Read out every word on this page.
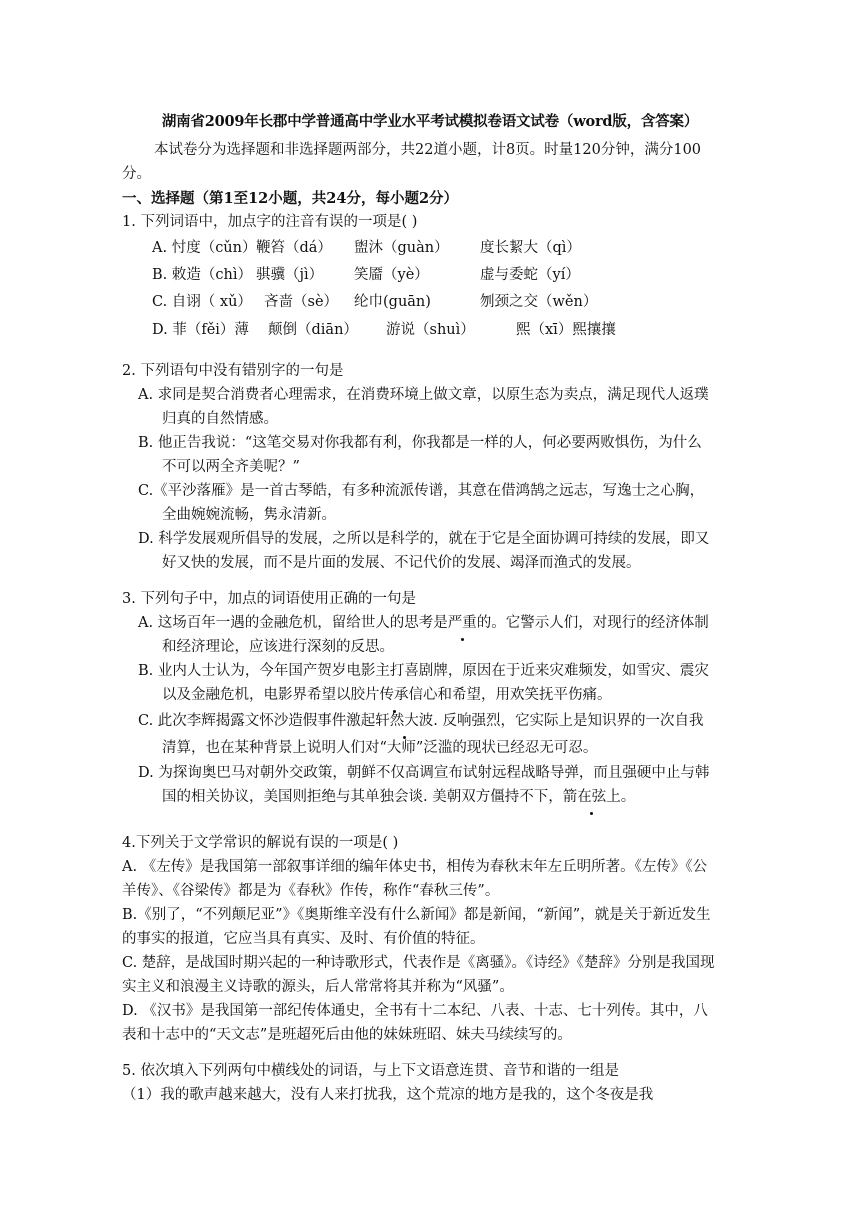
湖南省2009年长郡中学普通高中学业水平考试模拟卷语文试卷（word版，含答案）
本试卷分为选择题和非选择题两部分，共22道小题，计8页。时量120分钟，满分100
分。
一、选择题（第1至12小题，共24分，每小题2分）
1. 下列词语中，加点字的注音有误的一项是( )
A. 忖度（cǔn）鞭笞（dá） 盥沐（guàn） 度长絜大（qì）
B. 敕造（chì） 骐骥（jì） 笑靥（yè）	虚与委蛇（yí）
C. 自诩（ xǔ） 吝啬（sè） 纶巾(guān)	刎颈之交（wěn）
D. 菲（fěi）薄 颠倒（diān） 游说（shuì）	熙（xī）熙攘攘
2. 下列语句中没有错别字的一句是
A. 求同是契合消费者心理需求，在消费环境上做文章，以原生态为卖点，满足现代人返璞
归真的自然情感。
B. 他正告我说：“这笔交易对你我都有利，你我都是一样的人，何必要两败惧伤，为什么
不可以两全齐美呢？”
C.《平沙落雁》是一首古琴皓，有多种流派传谱，其意在借鸿鹄之远志，写逸士之心胸，
全曲婉婉流畅，隽永清新。
D. 科学发展观所倡导的发展，之所以是科学的，就在于它是全面协调可持续的发展，即又
好又快的发展，而不是片面的发展、不记代价的发展、竭泽而渔式的发展。
3. 下列句子中，加点的词语使用正确的一句是
A. 这场百年一遇的金融危机，留给世人的思考是严重的。它警示人们，对现行的经济体制
和经济理论，应该进行深刻的反思。
B. 业内人士认为，今年国产贺岁电影主打喜剧牌，原因在于近来灾难频发，如雪灾、震灾
以及金融危机，电影界希望以胶片传承信心和希望，用欢笑抚平伤痛。
C. 此次李辉揭露文怀沙造假事件激起轩然大波. 反响强烈，它实际上是知识界的一次自我
清算，也在某种背景上说明人们对“大师”泛滥的现状已经忍无可忍。
D. 为探询奥巴马对朝外交政策，朝鲜不仅高调宣布试射远程战略导弹，而且强硬中止与韩
国的相关协议，美国则拒绝与其单独会谈. 美朝双方僵持不下，箭在弦上。
4.下列关于文学常识的解说有误的一项是( )
A. 《左传》是我国第一部叙事详细的编年体史书，相传为春秋末年左丘明所著。《左传》《公
羊传》、《谷梁传》都是为《春秋》作传，称作“春秋三传”。
B.《别了，“不列颠尼亚”》《奥斯维辛没有什么新闻》都是新闻，“新闻”，就是关于新近发生
的事实的报道，它应当具有真实、及时、有价值的特征。
C. 楚辞，是战国时期兴起的一种诗歌形式，代表作是《离骚》。《诗经》《楚辞》分别是我国现
实主义和浪漫主义诗歌的源头，后人常常将其并称为“风骚”。
D. 《汉书》是我国第一部纪传体通史，全书有十二本纪、八表、十志、七十列传。其中，八
表和十志中的“天文志”是班超死后由他的妹妹班昭、妹夫马续续写的。
5. 依次填入下列两句中横线处的词语，与上下文语意连贯、音节和谐的一组是
（1）我的歌声越来越大，没有人来打扰我，这个荒凉的地方是我的，这个冬夜是我
